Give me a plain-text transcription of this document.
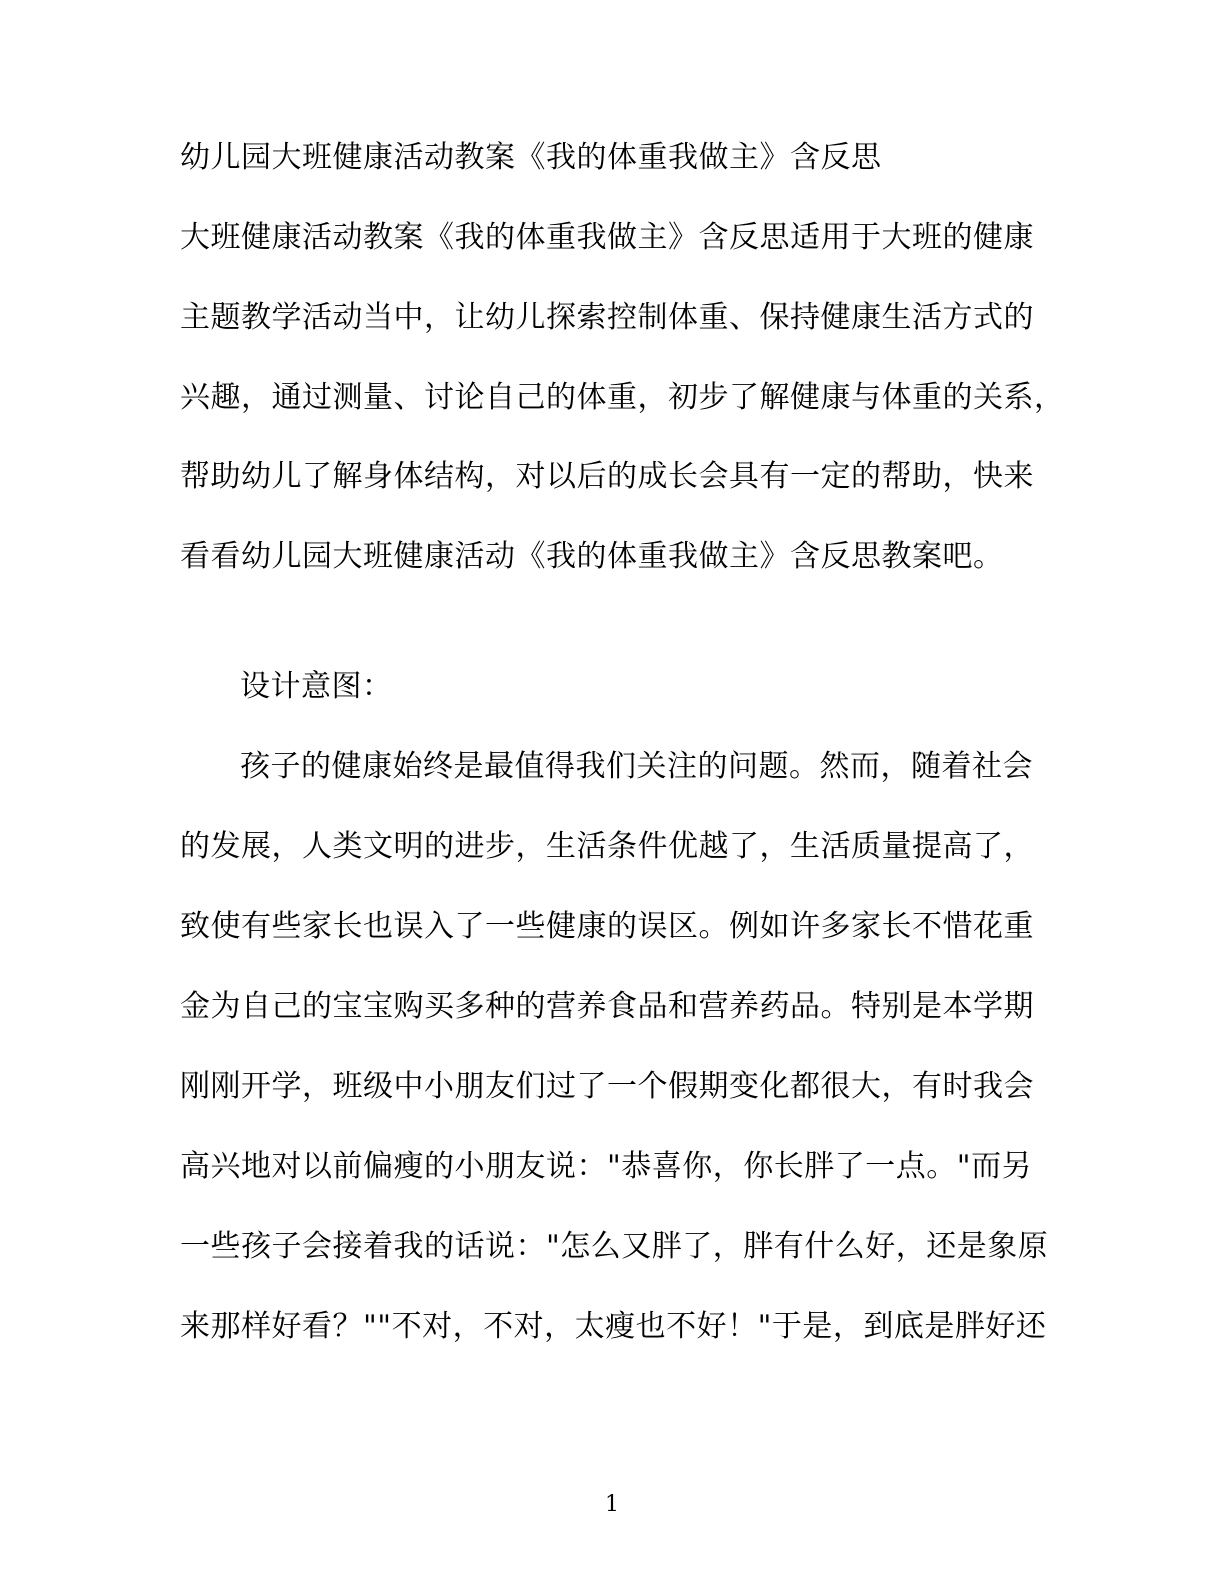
幼儿园大班健康活动教案《我的体重我做主》含反思
大班健康活动教案《我的体重我做主》含反思适用于大班的健康
主题教学活动当中，让幼儿探索控制体重、保持健康生活方式的
兴趣，通过测量、讨论自己的体重，初步了解健康与体重的关系，
帮助幼儿了解身体结构，对以后的成长会具有一定的帮助，快来
看看幼儿园大班健康活动《我的体重我做主》含反思教案吧。
设计意图：
孩子的健康始终是最值得我们关注的问题。然而，随着社会
的发展，人类文明的进步，生活条件优越了，生活质量提高了，
致使有些家长也误入了一些健康的误区。例如许多家长不惜花重
金为自己的宝宝购买多种的营养食品和营养药品。特别是本学期
刚刚开学，班级中小朋友们过了一个假期变化都很大，有时我会
高兴地对以前偏瘦的小朋友说："恭喜你，你长胖了一点。"而另
一些孩子会接着我的话说："怎么又胖了，胖有什么好，还是象原
来那样好看？""不对，不对，太瘦也不好！"于是，到底是胖好还
1
